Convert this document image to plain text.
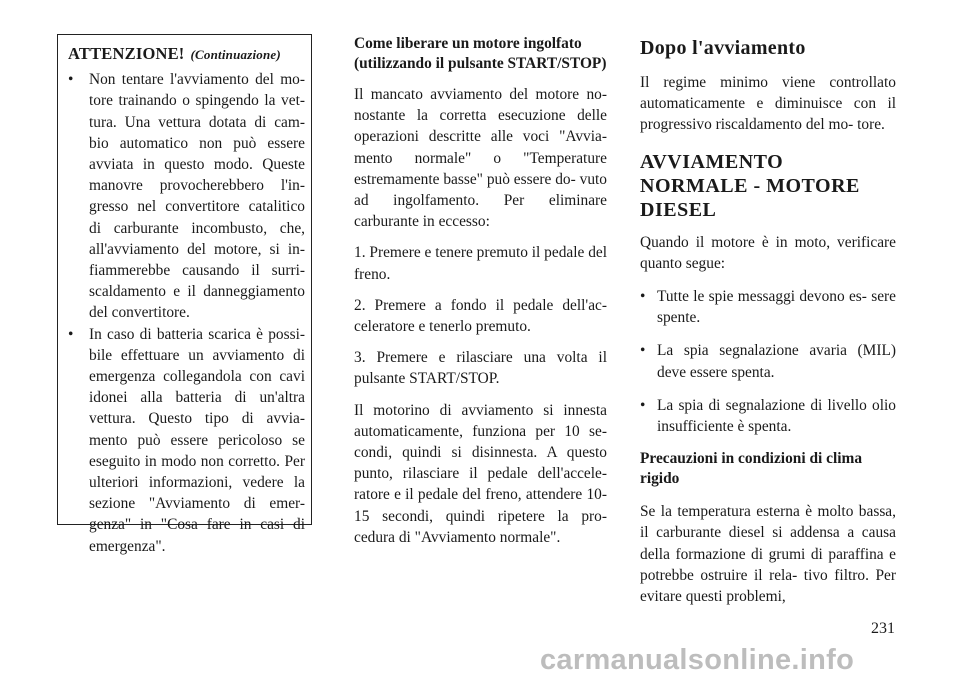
ATTENZIONE! (Continuazione)
• Non tentare l'avviamento del mo- tore trainando o spingendo la vet- tura. Una vettura dotata di cam- bio automatico non può essere avviata in questo modo. Queste manovre provocherebbero l'in- gresso nel convertitore catalitico di carburante incombusto, che, all'avviamento del motore, si in- fiammerebbe causando il surri- scaldamento e il danneggiamento del convertitore.
• In caso di batteria scarica è possi- bile effettuare un avviamento di emergenza collegandola con cavi idonei alla batteria di un'altra vettura. Questo tipo di avvia- mento può essere pericoloso se eseguito in modo non corretto. Per ulteriori informazioni, vedere la sezione "Avviamento di emer- genza" in "Cosa fare in casi di emergenza".

Come liberare un motore ingolfato (utilizzando il pulsante START/STOP)

Il mancato avviamento del motore no- nostante la corretta esecuzione delle operazioni descritte alle voci "Avvia- mento normale" o "Temperature estremamente basse" può essere do- vuto ad ingolfamento. Per eliminare carburante in eccesso:

1. Premere e tenere premuto il pedale del freno.

2. Premere a fondo il pedale dell'ac- celeratore e tenerlo premuto.

3. Premere e rilasciare una volta il pulsante START/STOP.

Il motorino di avviamento si innesta automaticamente, funziona per 10 se- condi, quindi si disinnesta. A questo punto, rilasciare il pedale dell'accele- ratore e il pedale del freno, attendere 10-15 secondi, quindi ripetere la pro- cedura di "Avviamento normale".

Dopo l'avviamento

Il regime minimo viene controllato automaticamente e diminuisce con il progressivo riscaldamento del mo- tore.

AVVIAMENTO NORMALE - MOTORE DIESEL

Quando il motore è in moto, verificare quanto segue:

• Tutte le spie messaggi devono es- sere spente.
• La spia segnalazione avaria (MIL) deve essere spenta.
• La spia di segnalazione di livello olio insufficiente è spenta.

Precauzioni in condizioni di clima rigido

Se la temperatura esterna è molto bassa, il carburante diesel si addensa a causa della formazione di grumi di paraffina e potrebbe ostruire il rela- tivo filtro. Per evitare questi problemi,

231
carmanualsonline.info
